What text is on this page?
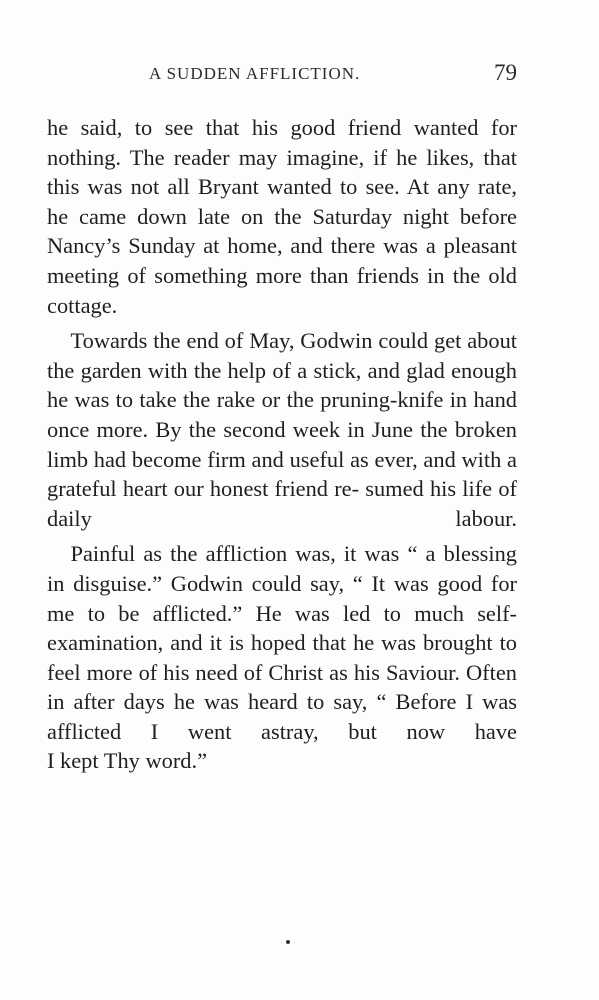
A SUDDEN AFFLICTION.	79

he said, to see that his good friend wanted for nothing. The reader may imagine, if he likes, that this was not all Bryant wanted to see. At any rate, he came down late on the Saturday night before Nancy’s Sunday at home, and there was a pleasant meeting of something more than friends in the old
cottage.

Towards the end of May, Godwin could get about the garden with the help of a stick, and glad enough he was to take the rake or the pruning-knife in hand once more. By the second week in June the broken limb had become firm and useful as ever, and with a grateful heart our honest friend re- sumed his life of daily labour.

Painful as the affliction was, it was “ a blessing in disguise.” Godwin could say, “ It was good for me to be afflicted.” He was led to much self-examination, and it is hoped that he was brought to feel more of his need of Christ as his Saviour. Often in after days he was heard to say, “ Before I was afflicted I went astray, but now have
I kept Thy word.”
